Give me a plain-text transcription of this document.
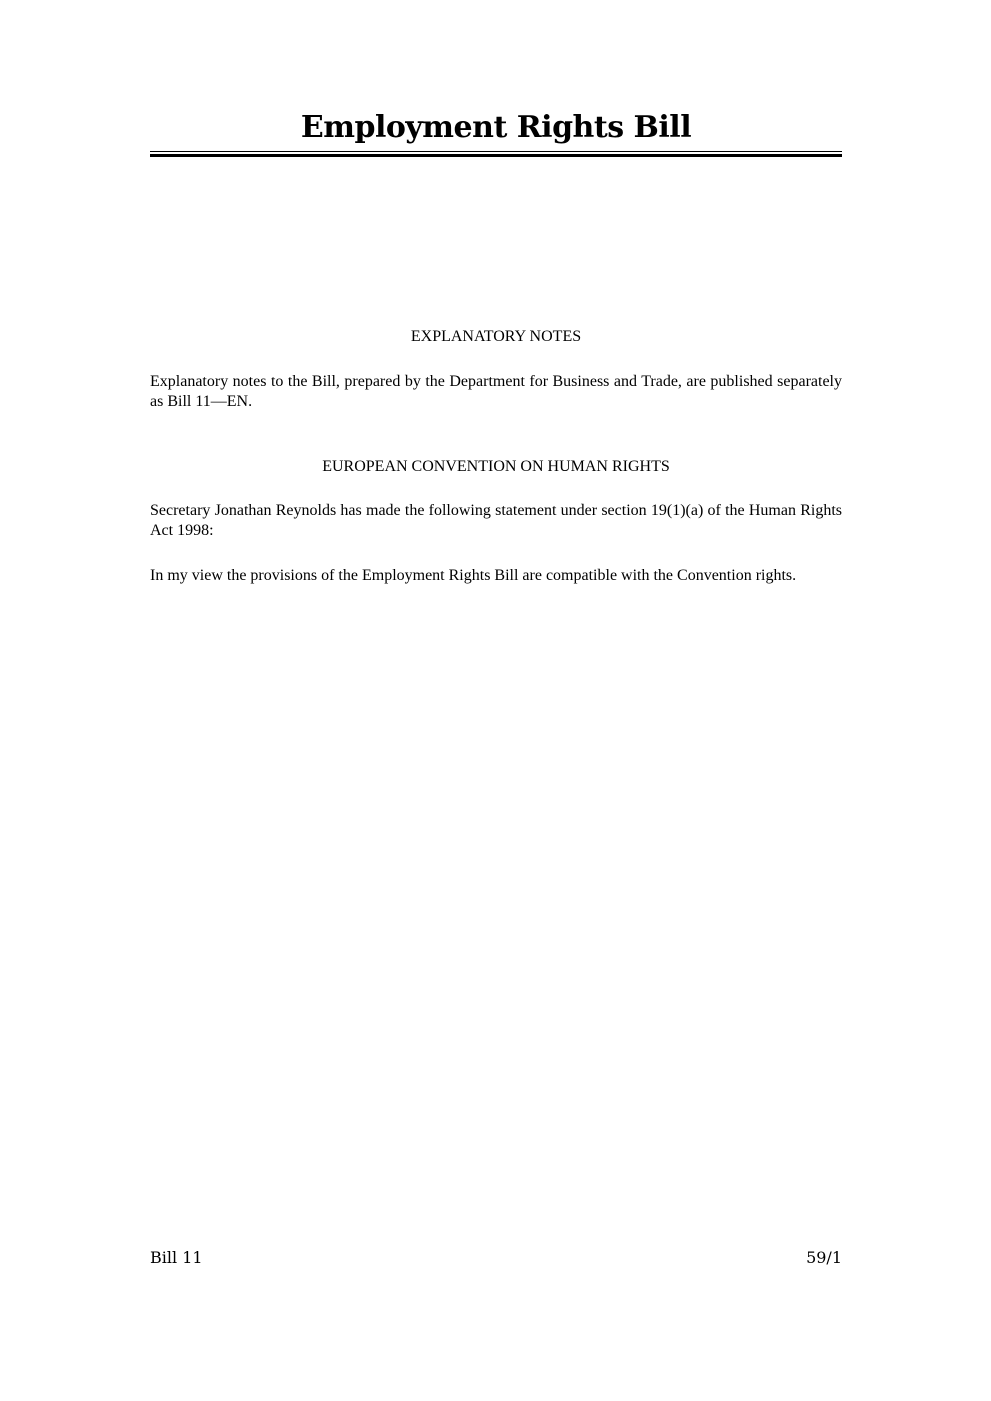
Employment Rights Bill
EXPLANATORY NOTES
Explanatory notes to the Bill, prepared by the Department for Business and Trade, are published separately as Bill 11—EN.
EUROPEAN CONVENTION ON HUMAN RIGHTS
Secretary Jonathan Reynolds has made the following statement under section 19(1)(a) of the Human Rights Act 1998:
In my view the provisions of the Employment Rights Bill are compatible with the Convention rights.
Bill 11	59/1
